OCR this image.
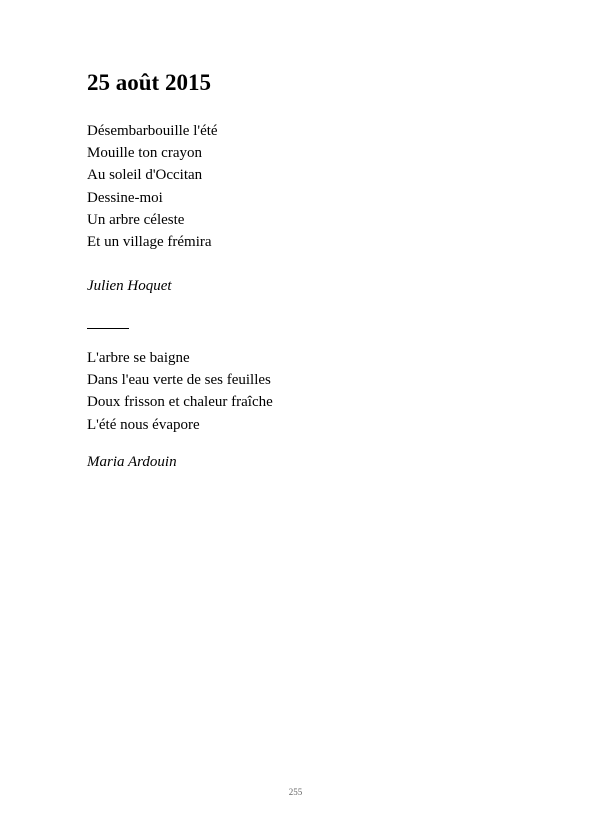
25 août 2015
Désembarbouille l'été
Mouille ton crayon
Au soleil d'Occitan
Dessine-moi
Un arbre céleste
Et un village frémira

Julien Hoquet

L'arbre se baigne
Dans l'eau verte de ses feuilles
Doux frisson et chaleur fraîche
L'été nous évapore

Maria Ardouin

255
